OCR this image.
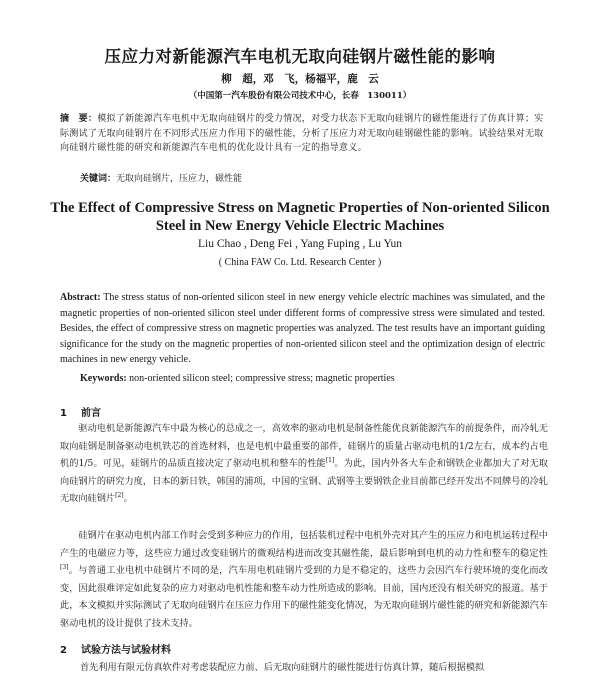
压应力对新能源汽车电机无取向硅钢片磁性能的影响
柳　超，邓　飞，杨福平，鹿　云
（中国第一汽车股份有限公司技术中心，长春　130011）
摘　要：模拟了新能源汽车电机中无取向硅钢片的受力情况，对受力状态下无取向硅钢片的磁性能进行了仿真计算；实际测试了无取向硅钢片在不同形式压应力作用下的磁性能，分析了压应力对无取向硅钢磁性能的影响。试验结果对无取向硅钢片磁性能的研究和新能源汽车电机的优化设计具有一定的指导意义。
关键词：无取向硅钢片，压应力，磁性能
The Effect of Compressive Stress on Magnetic Properties of Non-oriented Silicon Steel in New Energy Vehicle Electric Machines
Liu Chao , Deng Fei , Yang Fuping , Lu Yun
( China FAW Co. Ltd. Research Center )
Abstract: The stress status of non-oriented silicon steel in new energy vehicle electric machines was simulated, and the magnetic properties of non-oriented silicon steel under different forms of compressive stress were simulated and tested. Besides, the effect of compressive stress on magnetic properties was analyzed. The test results have an important guiding significance for the study on the magnetic properties of non-oriented silicon steel and the optimization design of electric machines in new energy vehicle.
Keywords: non-oriented silicon steel; compressive stress; magnetic properties
1 前言
  驱动电机是新能源汽车中最为核心的总成之一，高效率的驱动电机是制备性能优良新能源汽车的前提条件，而冷轧无取向硅钢是制备驱动电机铁芯的首选材料，也是电机中最重要的部件，硅钢片的质量占驱动电机的1/2左右，成本约占电机的1/5。可见，硅钢片的品质直接决定了驱动电机和整车的性能[1]。为此，国内外各大车企和钢铁企业都加大了对无取向硅钢片的研究力度，日本的新日铁，韩国的浦项，中国的宝钢、武钢等主要钢铁企业目前都已经开发出不同牌号的冷轧无取向硅钢片[2]。
  硅钢片在驱动电机内部工作时会受到多种应力的作用，包括装机过程中电机外壳对其产生的压应力和电机运转过程中产生的电磁应力等，这些应力通过改变硅钢片的微观结构进而改变其磁性能，最后影响到电机的动力性和整车的稳定性[3]。与普通工业电机中硅钢片不同的是，汽车用电机硅钢片受到的力是不稳定的，这些力会因汽车行驶环境的变化而改变，因此很难评定如此复杂的应力对驱动电机性能和整车动力性所造成的影响。目前，国内还没有相关研究的报道。基于此，本文模拟并实际测试了无取向硅钢片在压应力作用下的磁性能变化情况，为无取向硅钢片磁性能的研究和新能源汽车驱动电机的设计提供了技术支持。
2 试验方法与试验材料
首先利用有限元仿真软件对考虑装配应力前、后无取向硅钢片的磁性能进行仿真计算，随后根据模拟
